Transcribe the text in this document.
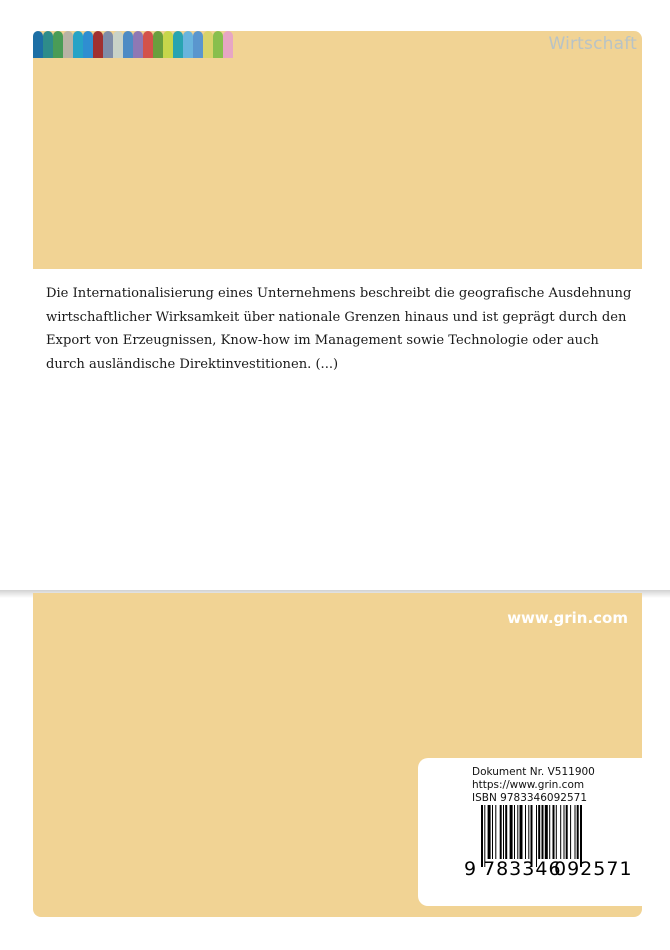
Wirtschaft

Die Internationalisierung eines Unternehmens beschreibt die geografische Ausdehnung wirtschaftlicher Wirksamkeit über nationale Grenzen hinaus und ist geprägt durch den Export von Erzeugnissen, Know-how im Management sowie Technologie oder auch durch ausländische Direktinvestitionen. (...)

www.grin.com
Dokument Nr. V511900
https://www.grin.com
ISBN 9783346092571
9 783346
092571
